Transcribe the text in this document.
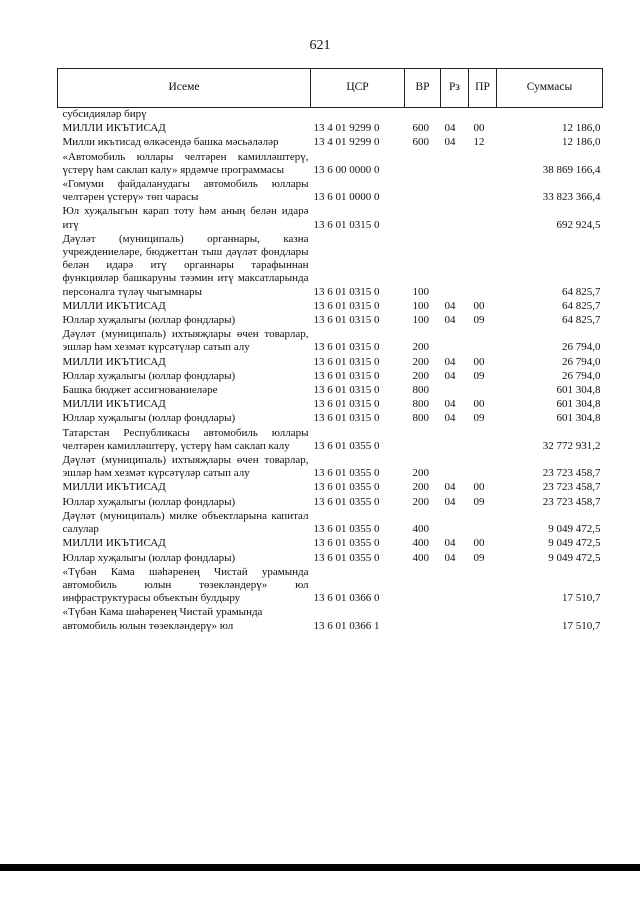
621
Исеме	ЦСР	ВР	Рз	ПР	Суммасы
субсидияләр бирү					
МИЛЛИ ИКЪТИСАД	13 4 01 9299 0	600	04	00	12 186,0
Милли икътисад өлкәсендә башка мәсьәләләр	13 4 01 9299 0	600	04	12	12 186,0
«Автомобиль юллары челтәрен камилләштерү, үстерү һәм саклап калу» ярдәмче программасы	13 6 00 0000 0				38 869 166,4
«Гомуми файдаланудагы автомобиль юллары челтәрен үстерү» төп чарасы	13 6 01 0000 0				33 823 366,4
Юл хуҗалыгын карап тоту һәм аның белән идарә итү	13 6 01 0315 0				692 924,5
Дәүләт (муниципаль) органнары, казна учреждениеләре, бюджеттан тыш дәүләт фондлары белән идарә итү органнары тарафыннан функцияләр башкаруны тәэмин итү максатларында персоналга түләү чыгымнары	13 6 01 0315 0	100			64 825,7
МИЛЛИ ИКЪТИСАД	13 6 01 0315 0	100	04	00	64 825,7
Юллар хуҗалыгы (юллар фондлары)	13 6 01 0315 0	100	04	09	64 825,7
Дәүләт (муниципаль) ихтыяҗлары өчен товарлар, эшләр һәм хезмәт күрсәтүләр сатып алу	13 6 01 0315 0	200			26 794,0
МИЛЛИ ИКЪТИСАД	13 6 01 0315 0	200	04	00	26 794,0
Юллар хуҗалыгы (юллар фондлары)	13 6 01 0315 0	200	04	09	26 794,0
Башка бюджет ассигнованиеләре	13 6 01 0315 0	800			601 304,8
МИЛЛИ ИКЪТИСАД	13 6 01 0315 0	800	04	00	601 304,8
Юллар хуҗалыгы (юллар фондлары)	13 6 01 0315 0	800	04	09	601 304,8
Татарстан Республикасы автомобиль юллары челтәрен камилләштерү, үстерү һәм саклап калу	13 6 01 0355 0				32 772 931,2
Дәүләт (муниципаль) ихтыяҗлары өчен товарлар, эшләр һәм хезмәт күрсәтүләр сатып алу	13 6 01 0355 0	200			23 723 458,7
МИЛЛИ ИКЪТИСАД	13 6 01 0355 0	200	04	00	23 723 458,7
Юллар хуҗалыгы (юллар фондлары)	13 6 01 0355 0	200	04	09	23 723 458,7
Дәүләт (муниципаль) милке объектларына капитал салулар	13 6 01 0355 0	400			9 049 472,5
МИЛЛИ ИКЪТИСАД	13 6 01 0355 0	400	04	00	9 049 472,5
Юллар хуҗалыгы (юллар фондлары)	13 6 01 0355 0	400	04	09	9 049 472,5
«Түбән Кама шәһәренең Чистай урамында автомобиль юлын төзекләндерү» юл инфраструктурасы объектын булдыру	13 6 01 0366 0				17 510,7
«Түбән Кама шәһәренең Чистай урамында автомобиль юлын төзекләндерү» юл	13 6 01 0366 1				17 510,7
